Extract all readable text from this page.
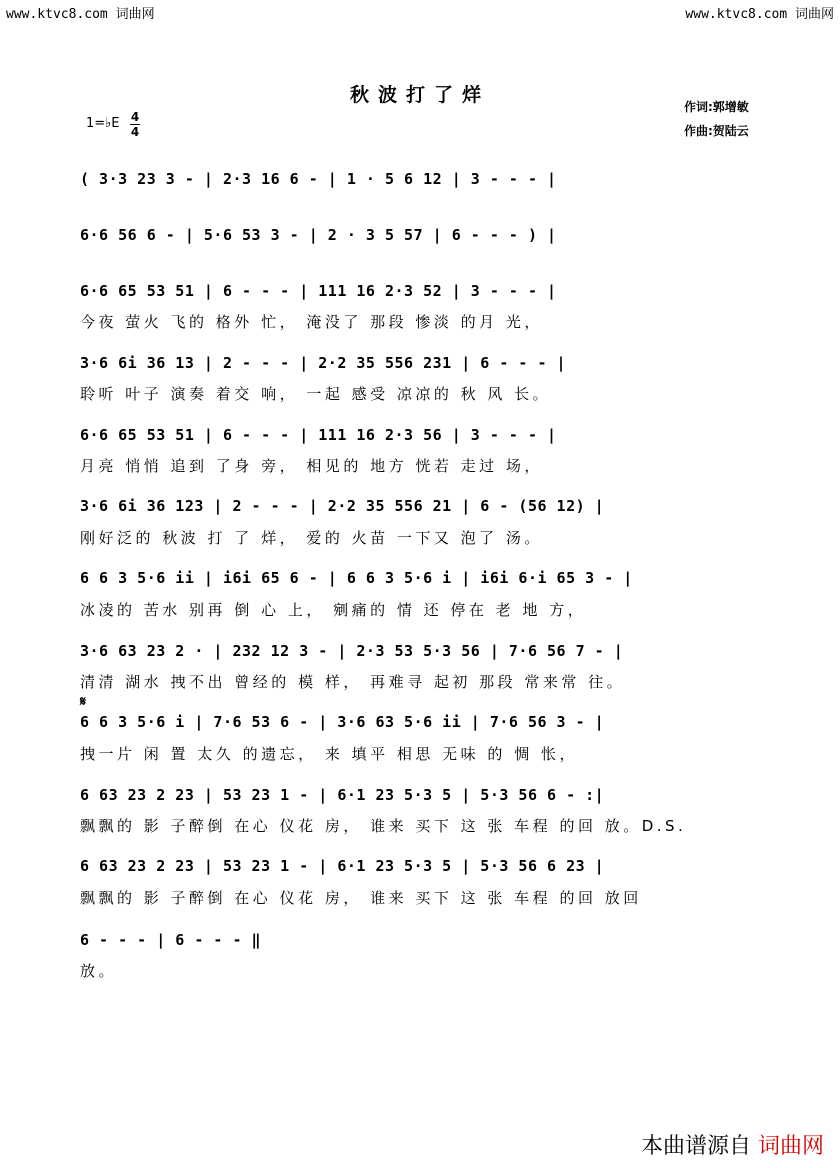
www.ktvc8.com 词曲网	www.ktvc8.com 词曲网
秋波打了烊
作词:郭增敏
作曲:贺陆云
1=♭E 4
4
( 3·3 23 3 - | 2·3 16 6 - | 1 · 5 6 12 | 3 - - - |
6·6 56 6 - | 5·6 53 3 - | 2 · 3 5 57 | 6 - - - ) |
6·6 65 53 51 | 6 - - - | 111 16 2·3 52 | 3 - - - |
今夜 萤火 飞的 格外 忙， 淹没了 那段 惨淡 的月 光，
3·6 6i 36 13 | 2 - - - | 2·2 35 556 231 | 6 - - - |
聆听 叶子 演奏 着交 响， 一起 感受 凉凉的 秋 风 长。
6·6 65 53 51 | 6 - - - | 111 16 2·3 56 | 3 - - - |
月亮 悄悄 追到 了身 旁， 相见的 地方 恍若 走过 场，
3·6 6i 36 123 | 2 - - - | 2·2 35 556 21 | 6 - (56 12) |
刚好泛的 秋波 打 了 烊， 爱的 火苗 一下又 泡了 汤。
6 6 3 5·6 ii | i6i 65 6 - | 6 6 3 5·6 i | i6i 6·i 65 3 - |
冰凌的 苦水 别再 倒 心 上， 剜痛的 情 还 停在 老 地 方，
3·6 63 23 2 · | 232 12 3 - | 2·3 53 5·3 56 | 7·6 56 7 - |
清清 湖水 拽不出 曾经的 模 样， 再难寻 起初 那段 常来常 往。
𝄋
6 6 3 5·6 i | 7·6 53 6 - | 3·6 63 5·6 ii | 7·6 56 3 - |
拽一片 闲 置 太久 的遗忘， 来 填平 相思 无味 的 惆 怅，
6 63 23 2 23 | 53 23 1 - | 6·1 23 5·3 5 | 5·3 56 6 - :|
飘飘的 影 子醉倒 在心 仪花 房， 谁来 买下 这 张 车程 的回 放。D.S.
6 63 23 2 23 | 53 23 1 - | 6·1 23 5·3 5 | 5·3 56 6 23 |
飘飘的 影 子醉倒 在心 仪花 房， 谁来 买下 这 张 车程 的回 放回
6 - - - | 6 - - - ‖
放。
本曲谱源自 词曲网
